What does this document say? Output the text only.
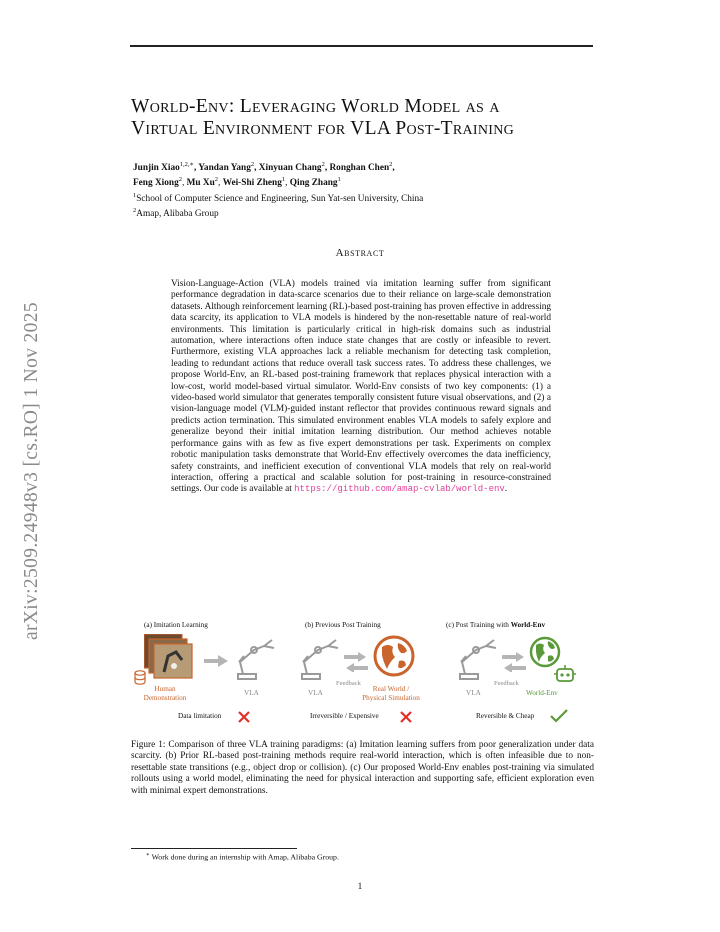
arXiv:2509.24948v3 [cs.RO] 1 Nov 2025
World-Env: Leveraging World Model as a
Virtual Environment for VLA Post-Training
Junjin Xiao$^{1,2,∗}$, Yandan Yang$^2$, Xinyuan Chang$^2$, Ronghan Chen$^2$,
Feng Xiong$^2$, Mu Xu$^2$, Wei-Shi Zheng$^1$, Qing Zhang$^1$
$^1$School of Computer Science and Engineering, Sun Yat-sen University, China
$^2$Amap, Alibaba Group
Abstract
Vision-Language-Action (VLA) models trained via imitation learning suffer from significant performance degradation in data-scarce scenarios due to their reliance on large-scale demonstration datasets. Although reinforcement learning (RL)-based post-training has proven effective in addressing data scarcity, its application to VLA models is hindered by the non-resettable nature of real-world environments. This limitation is particularly critical in high-risk domains such as industrial automation, where interactions often induce state changes that are costly or infeasible to revert. Furthermore, existing VLA approaches lack a reliable mechanism for detecting task completion, leading to redundant actions that reduce overall task success rates. To address these challenges, we propose World-Env, an RL-based post-training framework that replaces physical interaction with a low-cost, world model-based virtual simulator. World-Env consists of two key components: (1) a video-based world simulator that generates temporally consistent future visual observations, and (2) a vision-language model (VLM)-guided instant reflector that provides continuous reward signals and predicts action termination. This simulated environment enables VLA models to safely explore and generalize beyond their initial imitation learning distribution. Our method achieves notable performance gains with as few as five expert demonstrations per task. Experiments on complex robotic manipulation tasks demonstrate that World-Env effectively overcomes the data inefficiency, safety constraints, and inefficient execution of conventional VLA models that rely on real-world interaction, offering a practical and scalable solution for post-training in resource-constrained settings. Our code is available at https://github.com/amap-cvlab/world-env.
(a) Imitation Learning	(b) Previous Post Training	(c) Post Training with World-Env
Human
Demonstration
VLA
Data limitation
VLA
Feedback
Real World /
Physical Simulation
Irreversible / Expensive
VLA
Feedback
World-Env
Reversible & Cheap
Figure 1: Comparison of three VLA training paradigms: (a) Imitation learning suffers from poor generalization under data scarcity. (b) Prior RL-based post-training methods require real-world interaction, which is often infeasible due to non-resettable state transitions (e.g., object drop or collision). (c) Our proposed World-Env enables post-training via simulated rollouts using a world model, eliminating the need for physical interaction and supporting safe, efficient exploration even with minimal expert demonstrations.
∗ Work done during an internship with Amap, Alibaba Group.
1
